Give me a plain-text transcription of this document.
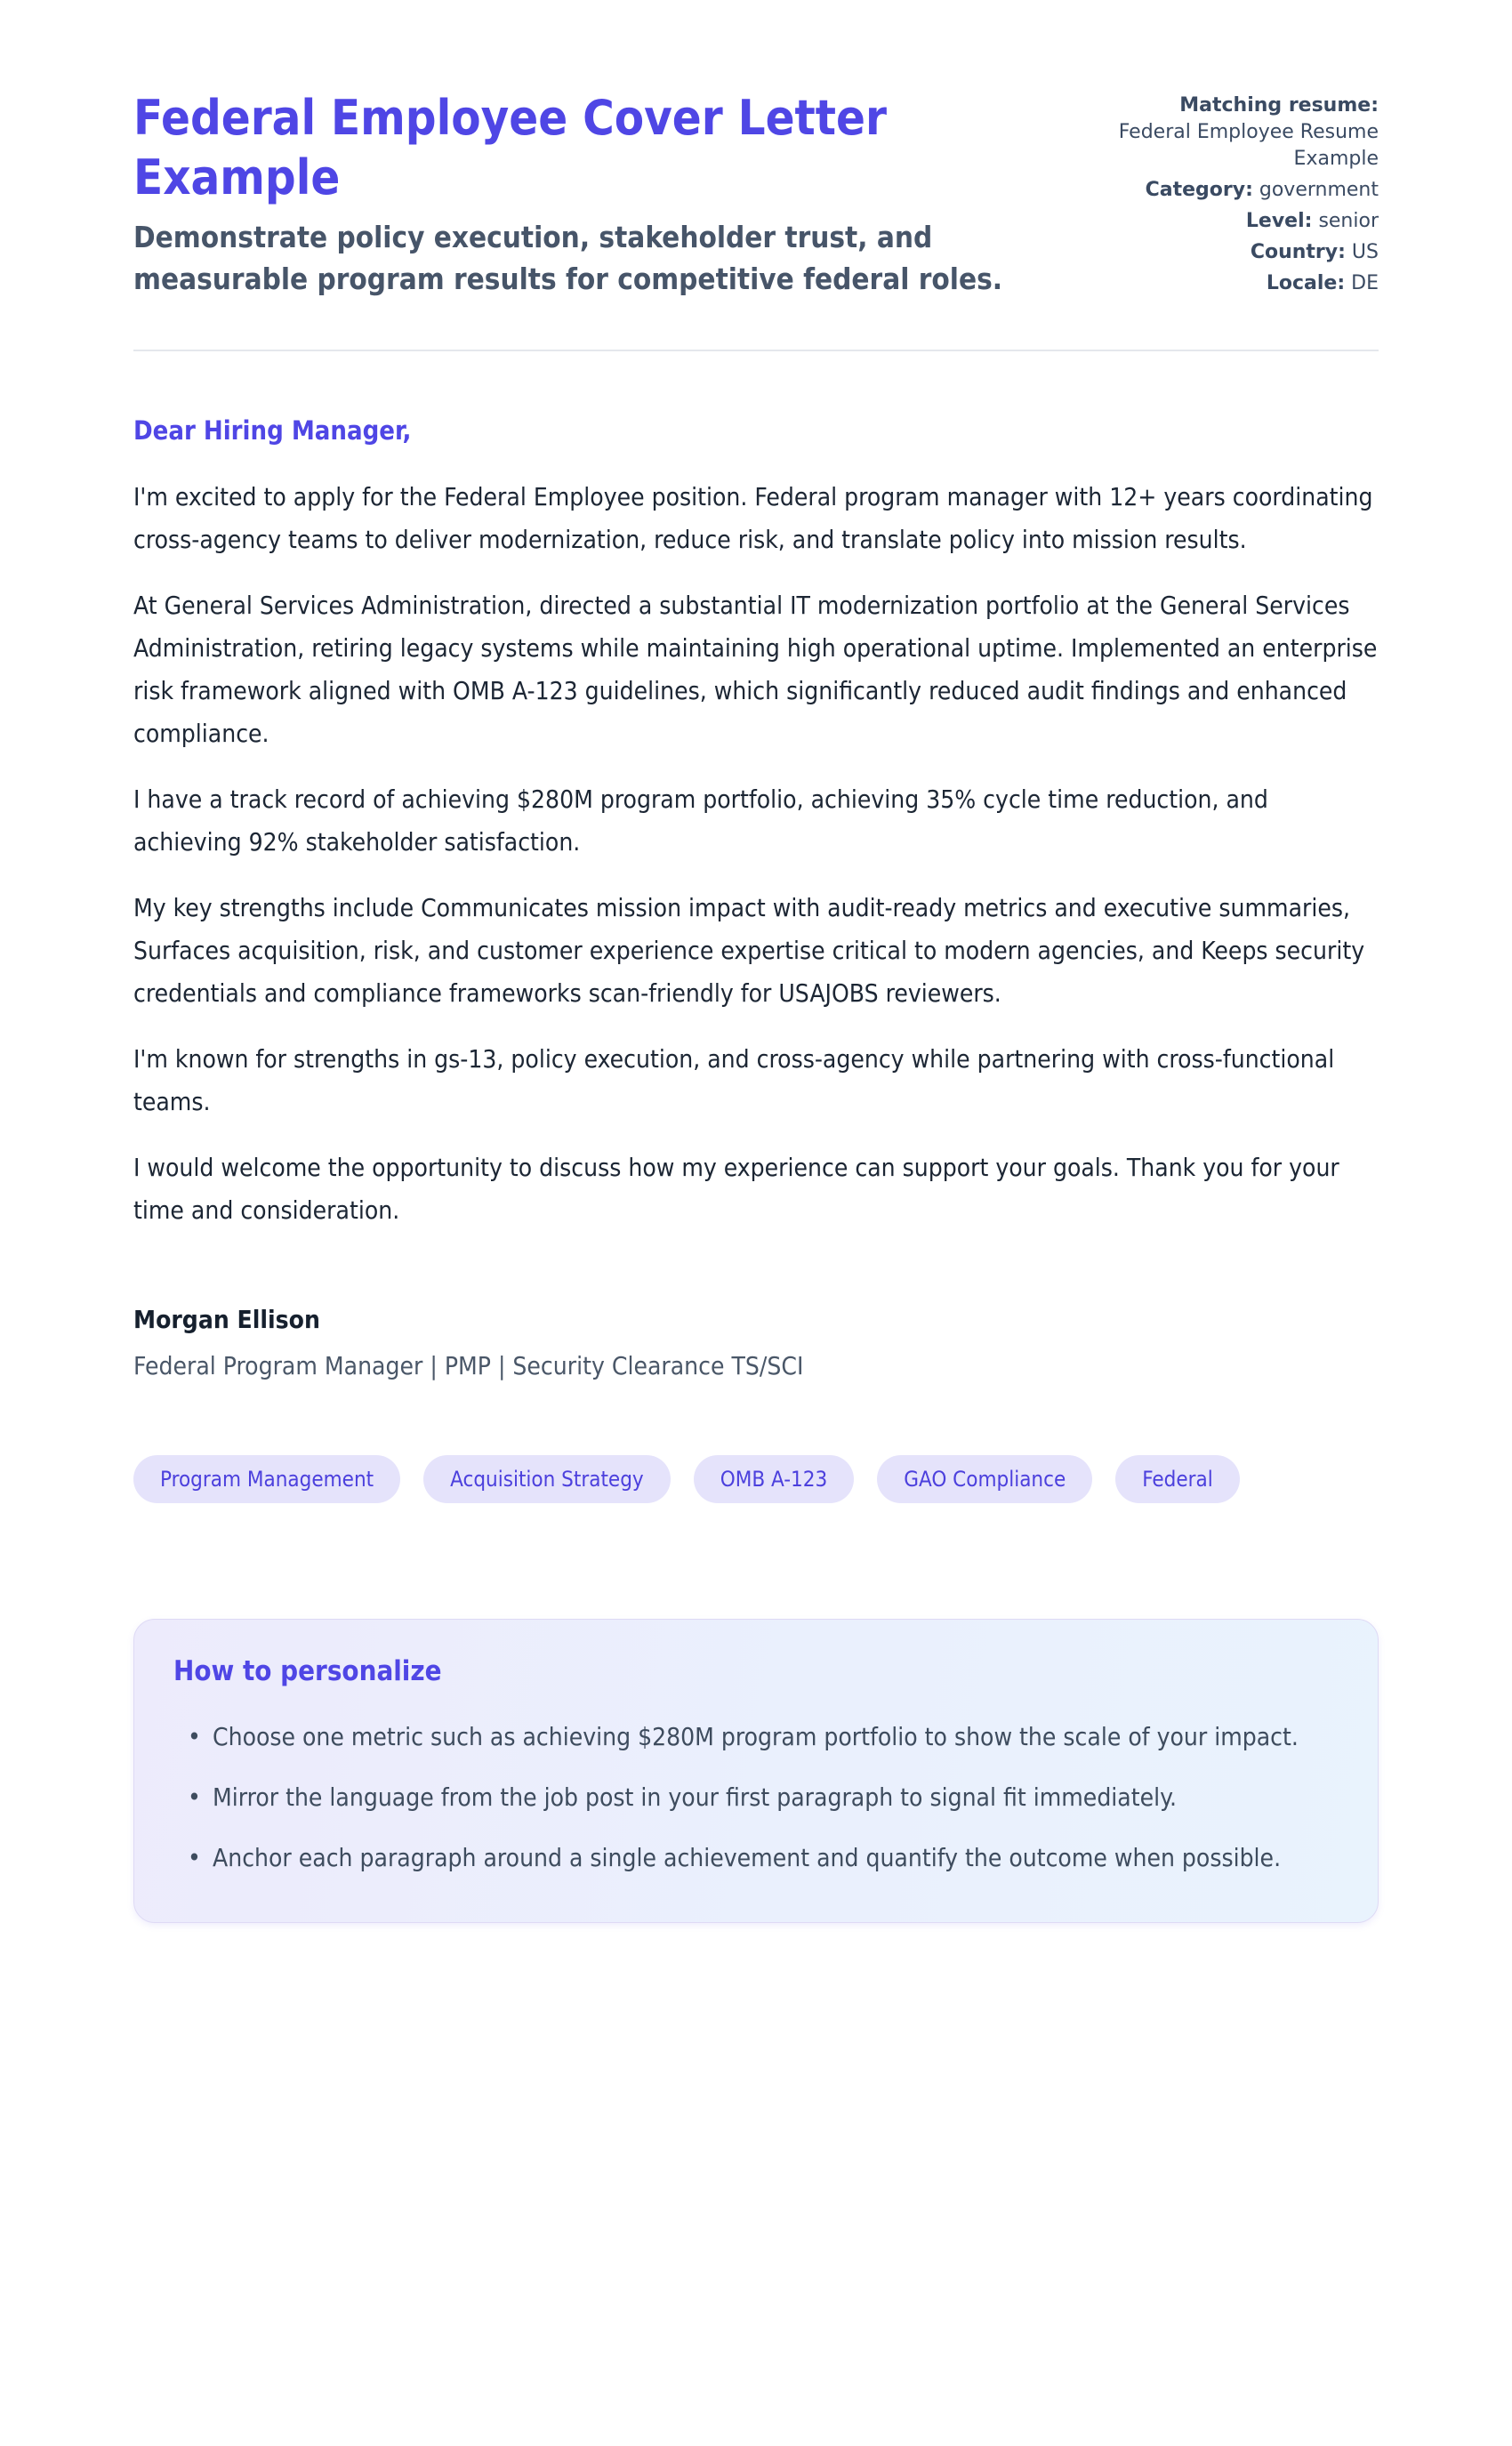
Federal Employee Cover Letter Example
Demonstrate policy execution, stakeholder trust, and measurable program results for competitive federal roles.
Matching resume: Federal Employee Resume Example
Category: government
Level: senior
Country: US
Locale: DE
Dear Hiring Manager,

I'm excited to apply for the Federal Employee position. Federal program manager with 12+ years coordinating cross-agency teams to deliver modernization, reduce risk, and translate policy into mission results.

At General Services Administration, directed a substantial IT modernization portfolio at the General Services Administration, retiring legacy systems while maintaining high operational uptime. Implemented an enterprise risk framework aligned with OMB A-123 guidelines, which significantly reduced audit findings and enhanced compliance.

I have a track record of achieving $280M program portfolio, achieving 35% cycle time reduction, and achieving 92% stakeholder satisfaction.

My key strengths include Communicates mission impact with audit-ready metrics and executive summaries, Surfaces acquisition, risk, and customer experience expertise critical to modern agencies, and Keeps security credentials and compliance frameworks scan-friendly for USAJOBS reviewers.

I'm known for strengths in gs-13, policy execution, and cross-agency while partnering with cross-functional teams.

I would welcome the opportunity to discuss how my experience can support your goals. Thank you for your time and consideration.

Morgan Ellison
Federal Program Manager | PMP | Security Clearance TS/SCI
Program Management	Acquisition Strategy	OMB A-123	GAO Compliance	Federal
How to personalize
• Choose one metric such as achieving $280M program portfolio to show the scale of your impact.
• Mirror the language from the job post in your first paragraph to signal fit immediately.
• Anchor each paragraph around a single achievement and quantify the outcome when possible.
